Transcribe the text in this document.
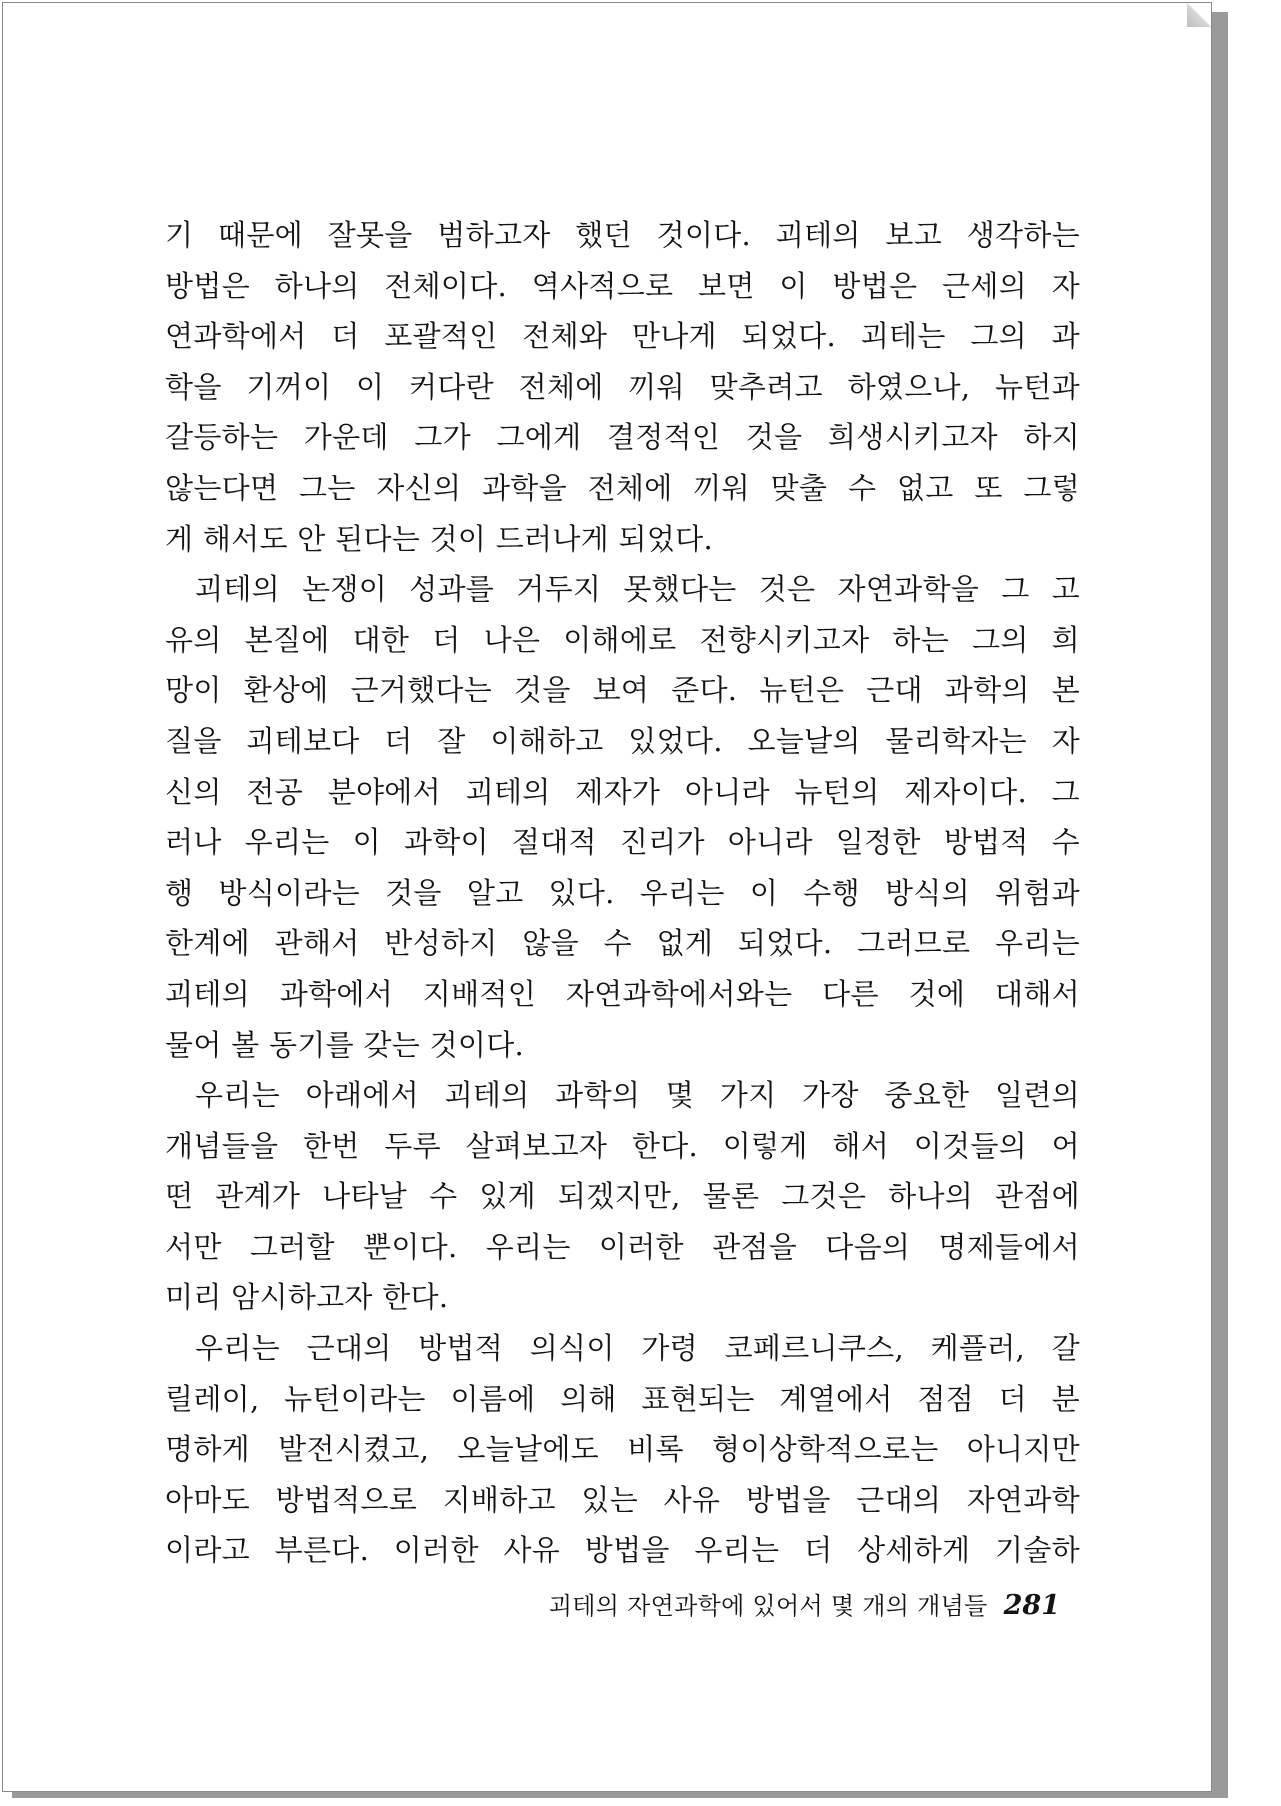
기 때문에 잘못을 범하고자 했던 것이다. 괴테의 보고 생각하는
방법은 하나의 전체이다. 역사적으로 보면 이 방법은 근세의 자
연과학에서 더 포괄적인 전체와 만나게 되었다. 괴테는 그의 과
학을 기꺼이 이 커다란 전체에 끼워 맞추려고 하였으나, 뉴턴과
갈등하는 가운데 그가 그에게 결정적인 것을 희생시키고자 하지
않는다면 그는 자신의 과학을 전체에 끼워 맞출 수 없고 또 그렇
게 해서도 안 된다는 것이 드러나게 되었다.
괴테의 논쟁이 성과를 거두지 못했다는 것은 자연과학을 그 고
유의 본질에 대한 더 나은 이해에로 전향시키고자 하는 그의 희
망이 환상에 근거했다는 것을 보여 준다. 뉴턴은 근대 과학의 본
질을 괴테보다 더 잘 이해하고 있었다. 오늘날의 물리학자는 자
신의 전공 분야에서 괴테의 제자가 아니라 뉴턴의 제자이다. 그
러나 우리는 이 과학이 절대적 진리가 아니라 일정한 방법적 수
행 방식이라는 것을 알고 있다. 우리는 이 수행 방식의 위험과
한계에 관해서 반성하지 않을 수 없게 되었다. 그러므로 우리는
괴테의 과학에서 지배적인 자연과학에서와는 다른 것에 대해서
물어 볼 동기를 갖는 것이다.
우리는 아래에서 괴테의 과학의 몇 가지 가장 중요한 일련의
개념들을 한번 두루 살펴보고자 한다. 이렇게 해서 이것들의 어
떤 관계가 나타날 수 있게 되겠지만, 물론 그것은 하나의 관점에
서만 그러할 뿐이다. 우리는 이러한 관점을 다음의 명제들에서
미리 암시하고자 한다.
우리는 근대의 방법적 의식이 가령 코페르니쿠스, 케플러, 갈
릴레이, 뉴턴이라는 이름에 의해 표현되는 계열에서 점점 더 분
명하게 발전시켰고, 오늘날에도 비록 형이상학적으로는 아니지만
아마도 방법적으로 지배하고 있는 사유 방법을 근대의 자연과학
이라고 부른다. 이러한 사유 방법을 우리는 더 상세하게 기술하
괴테의 자연과학에 있어서 몇 개의 개념들 281
